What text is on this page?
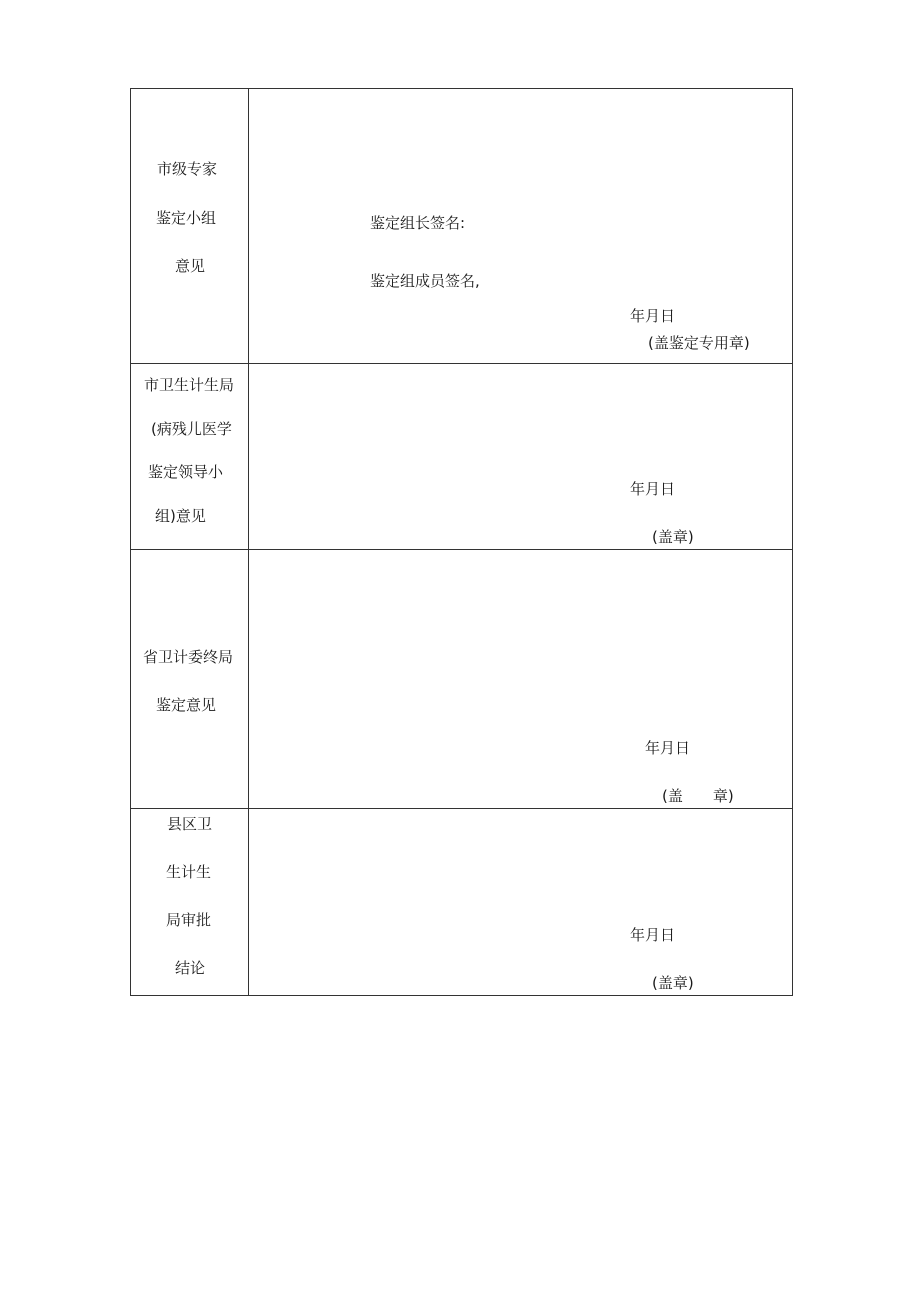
市级专家

鉴定小组

意见

鉴定组长签名:

鉴定组成员签名,

年月日

(盖鉴定专用章)

市卫生计生局

(病残儿医学

鉴定领导小

组)意见

年月日

(盖章)

省卫计委终局

鉴定意见

年月日

(盖　　章)

县区卫

生计生

局审批

结论

年月日

(盖章)
